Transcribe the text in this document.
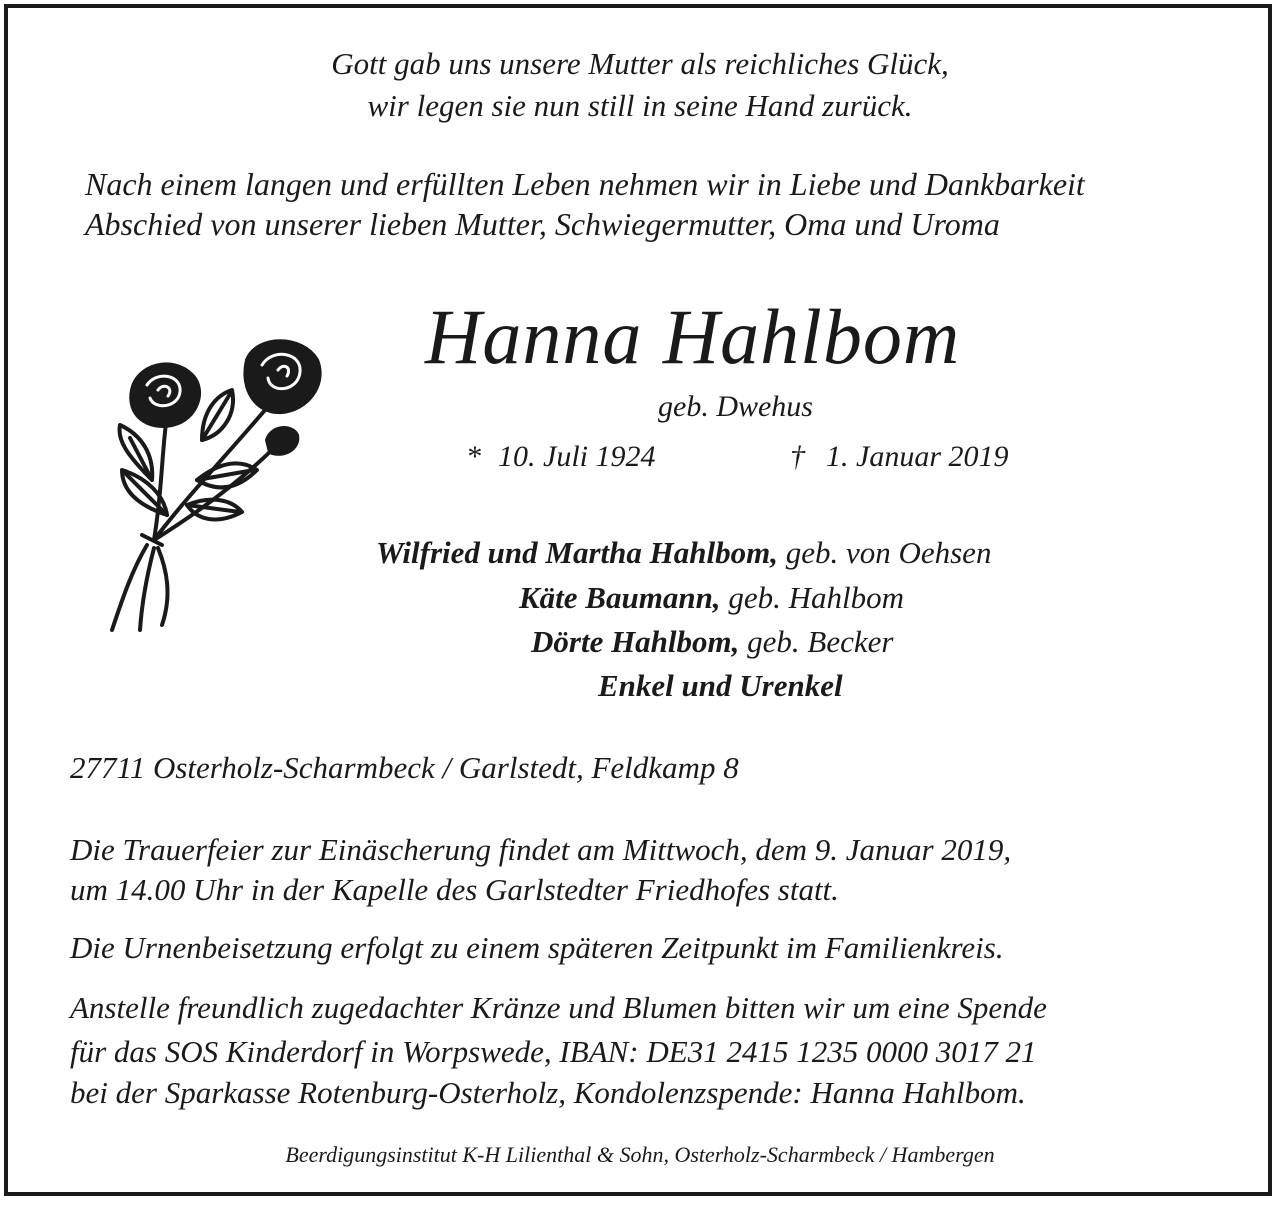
Gott gab uns unsere Mutter als reichliches Glück,
wir legen sie nun still in seine Hand zurück.
Nach einem langen und erfüllten Leben nehmen wir in Liebe und Dankbarkeit
Abschied von unserer lieben Mutter, Schwiegermutter, Oma und Uroma
Hanna Hahlbom
geb. Dwehus
* 10. Juli 1924	† 1. Januar 2019
Wilfried und Martha Hahlbom, geb. von Oehsen
Käte Baumann, geb. Hahlbom
Dörte Hahlbom, geb. Becker
Enkel und Urenkel
27711 Osterholz-Scharmbeck / Garlstedt, Feldkamp 8
Die Trauerfeier zur Einäscherung findet am Mittwoch, dem 9. Januar 2019,
um 14.00 Uhr in der Kapelle des Garlstedter Friedhofes statt.
Die Urnenbeisetzung erfolgt zu einem späteren Zeitpunkt im Familienkreis.
Anstelle freundlich zugedachter Kränze und Blumen bitten wir um eine Spende
für das SOS Kinderdorf in Worpswede, IBAN: DE31 2415 1235 0000 3017 21
bei der Sparkasse Rotenburg-Osterholz, Kondolenzspende: Hanna Hahlbom.
Beerdigungsinstitut K-H Lilienthal & Sohn, Osterholz-Scharmbeck / Hambergen
